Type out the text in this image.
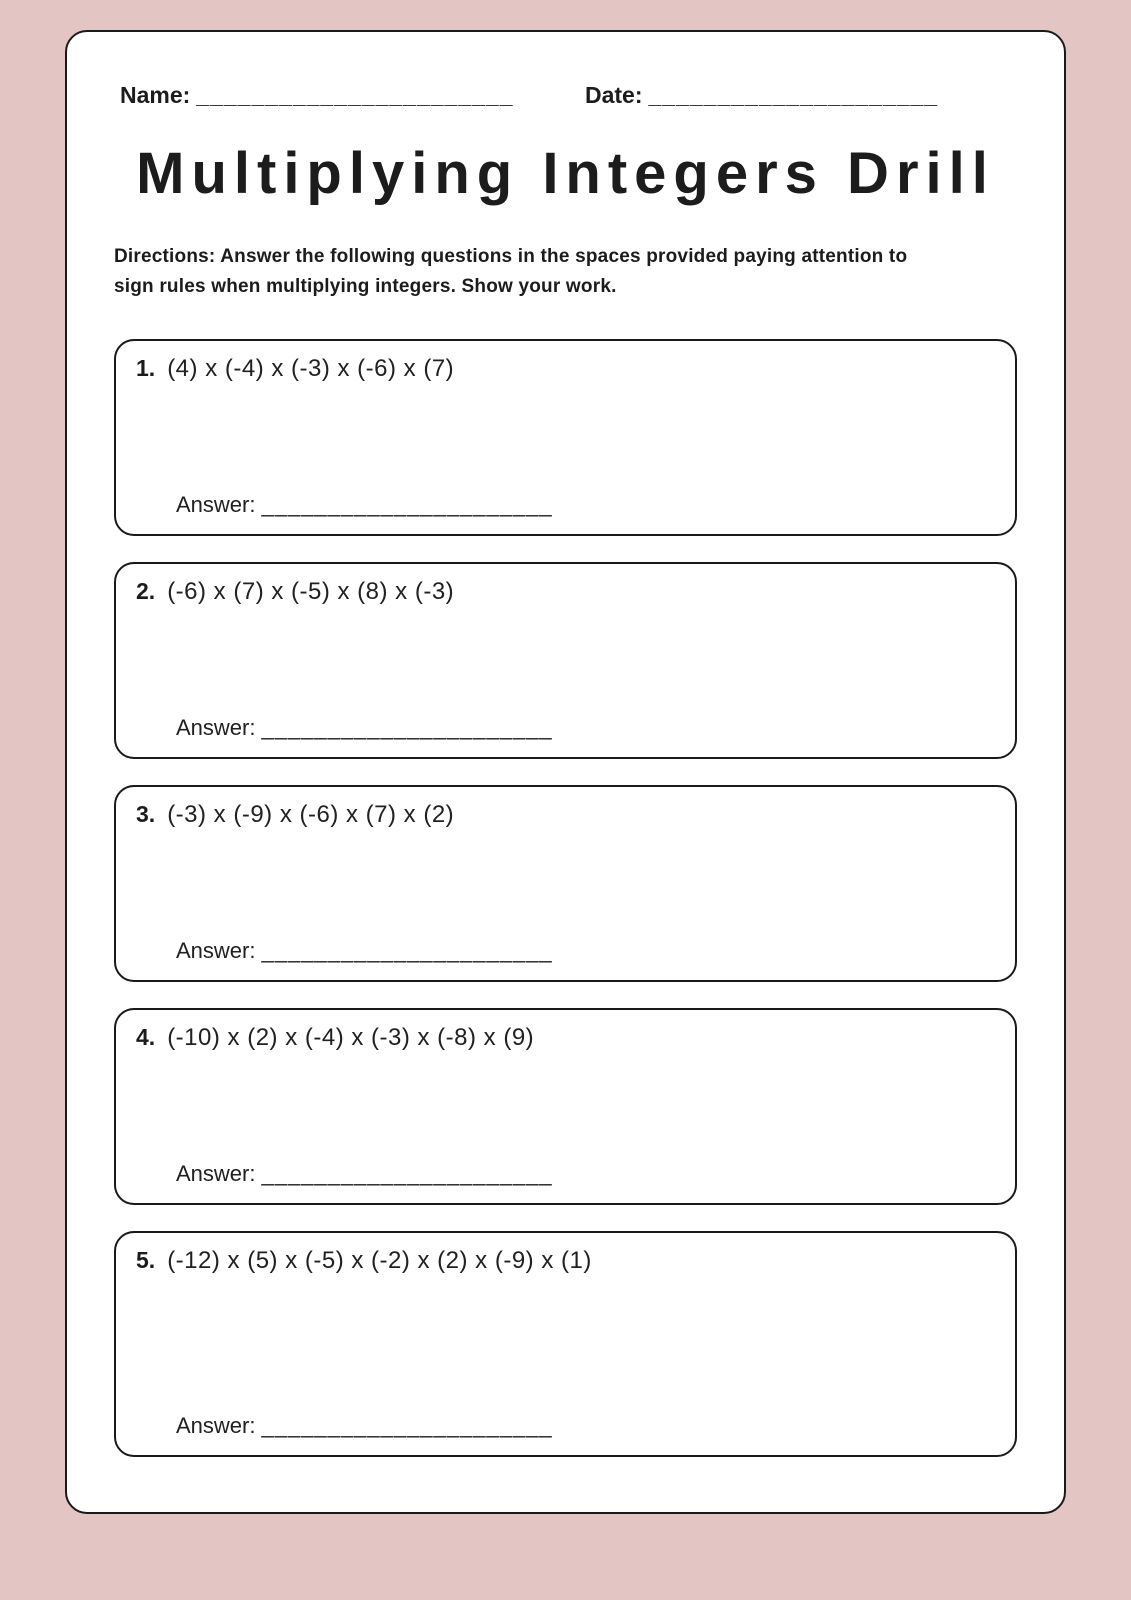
Name: _______________________	Date: _____________________
Multiplying Integers Drill
Directions: Answer the following questions in the spaces provided paying attention to sign rules when multiplying integers. Show your work.
1. (4) x (-4) x (-3) x (-6) x (7)
Answer: ______________________
2. (-6) x (7) x (-5) x (8) x (-3)
Answer: ______________________
3. (-3) x (-9) x (-6) x (7) x (2)
Answer: ______________________
4. (-10) x (2) x (-4) x (-3) x (-8) x (9)
Answer: ______________________
5. (-12) x (5) x (-5) x (-2) x (2) x (-9) x (1)
Answer: ______________________
